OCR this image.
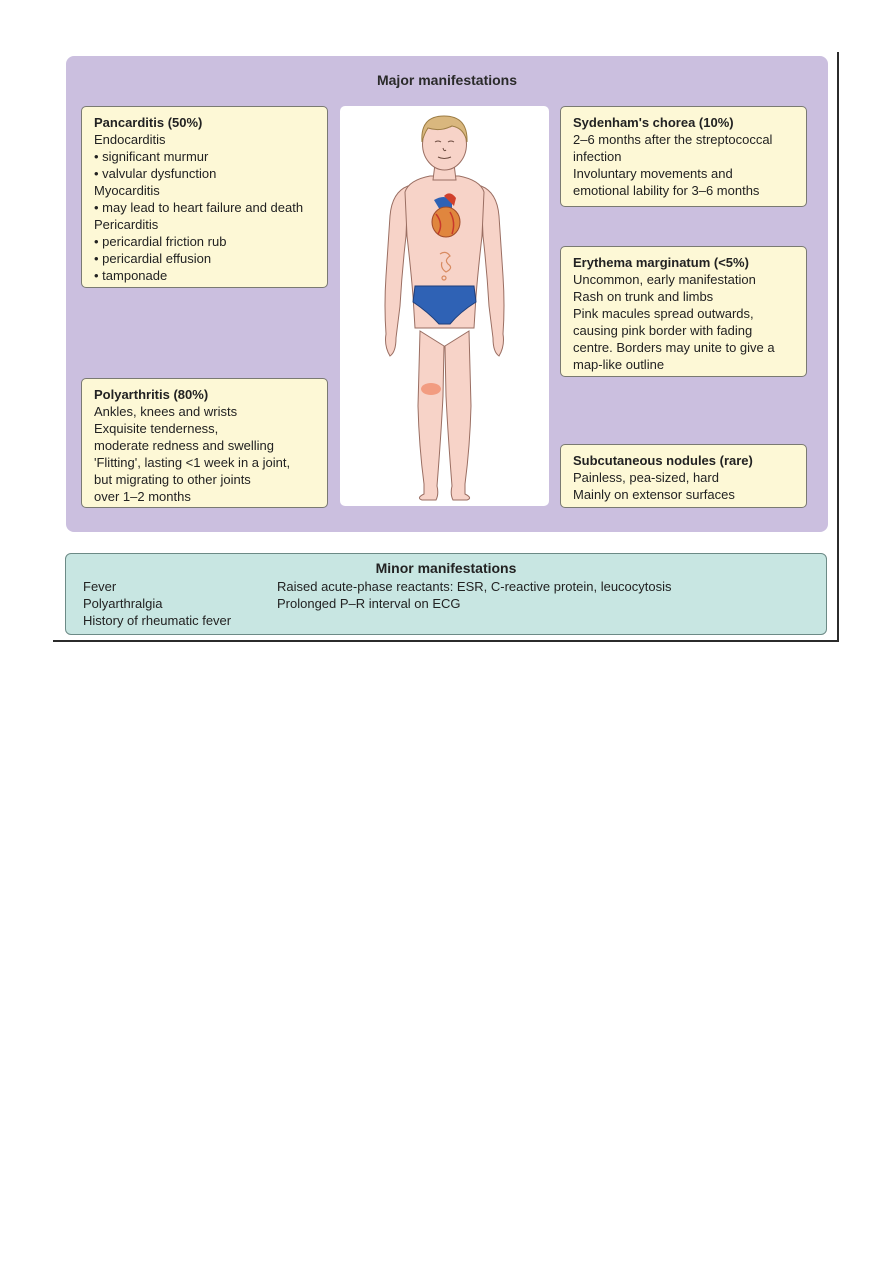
Major manifestations
Pancarditis (50%)
Endocarditis
• significant murmur
• valvular dysfunction
Myocarditis
• may lead to heart failure and death
Pericarditis
• pericardial friction rub
• pericardial effusion
• tamponade
Polyarthritis (80%)
Ankles, knees and wrists
Exquisite tenderness,
moderate redness and swelling
'Flitting', lasting <1 week in a joint,
but migrating to other joints
over 1–2 months
Sydenham's chorea (10%)
2–6 months after the streptococcal
infection
Involuntary movements and
emotional lability for 3–6 months
Erythema marginatum (<5%)
Uncommon, early manifestation
Rash on trunk and limbs
Pink macules spread outwards,
causing pink border with fading
centre. Borders may unite to give a
map-like outline
Subcutaneous nodules (rare)
Painless, pea-sized, hard
Mainly on extensor surfaces
Minor manifestations
Fever
Polyarthralgia
History of rheumatic fever
Raised acute-phase reactants: ESR, C-reactive protein, leucocytosis
Prolonged P–R interval on ECG
